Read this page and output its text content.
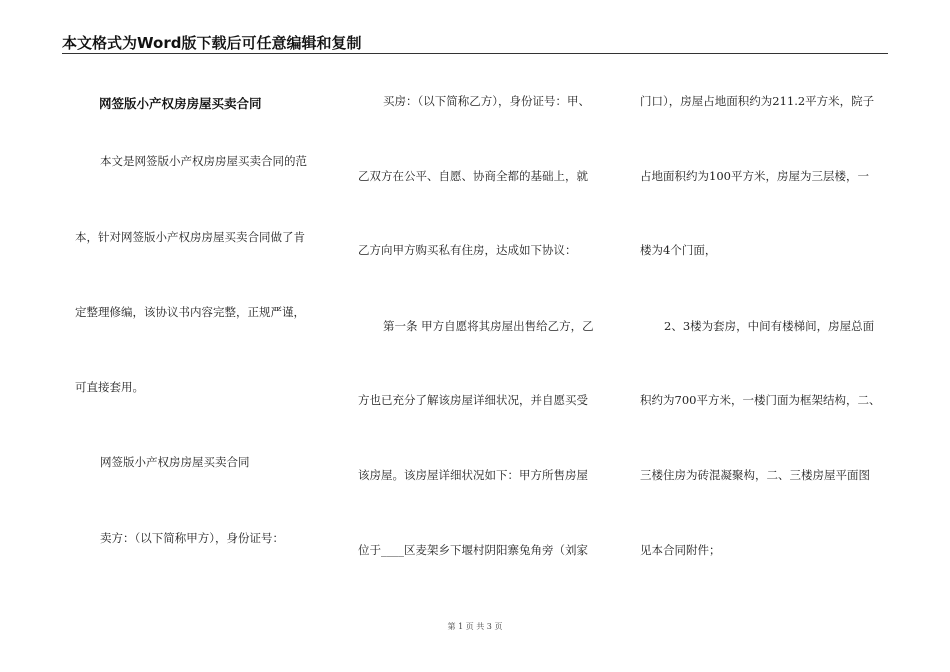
本文格式为Word版下载后可任意编辑和复制
网签版小产权房房屋买卖合同
本文是网签版小产权房房屋买卖合同的范
本，针对网签版小产权房房屋买卖合同做了肯
定整理修编，该协议书内容完整，正规严谨，
可直接套用。
网签版小产权房房屋买卖合同
卖方：（以下简称甲方），身份证号：
买房：（以下简称乙方），身份证号：甲、
乙双方在公平、自愿、协商全都的基础上，就
乙方向甲方购买私有住房，达成如下协议：
第一条 甲方自愿将其房屋出售给乙方，乙
方也已充分了解该房屋详细状况，并自愿买受
该房屋。该房屋详细状况如下：甲方所售房屋
位于____区麦架乡下堰村阴阳寨兔角旁（刘家
门口），房屋占地面积约为211.2平方米，院子
占地面积约为100平方米，房屋为三层楼，一
楼为4个门面，
2、3楼为套房，中间有楼梯间，房屋总面
积约为700平方米，一楼门面为框架结构，二、
三楼住房为砖混凝聚构，二、三楼房屋平面图
见本合同附件；
第 1 页 共 3 页
